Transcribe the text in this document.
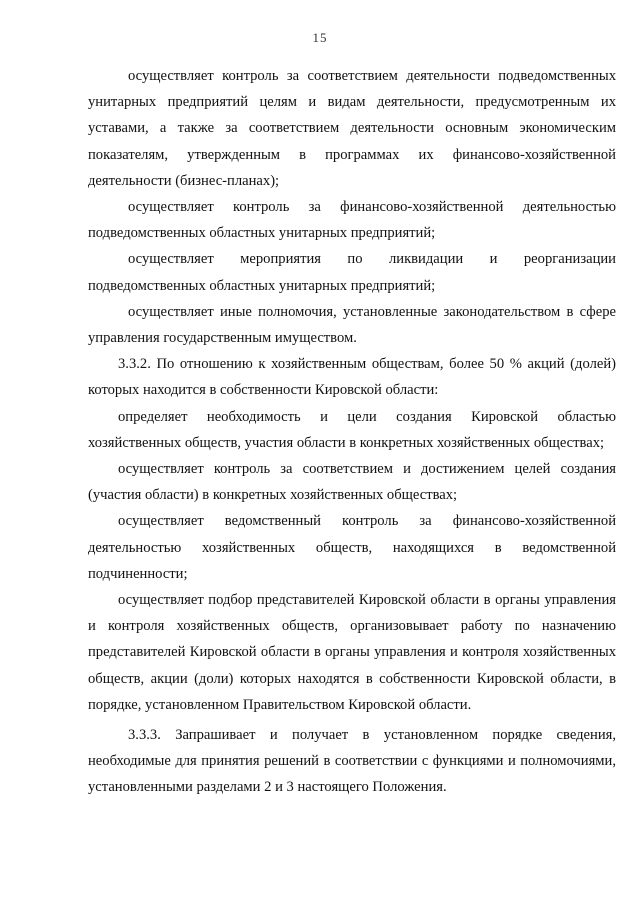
15

осуществляет контроль за соответствием деятельности подведомственных унитарных предприятий целям и видам деятельности, предусмотренным их уставами, а также за соответствием деятельности основным экономическим показателям, утвержденным в программах их финансово-хозяйственной деятельности (бизнес-планах);

осуществляет контроль за финансово-хозяйственной деятельностью подведомственных областных унитарных предприятий;

осуществляет мероприятия по ликвидации и реорганизации подведомственных областных унитарных предприятий;

осуществляет иные полномочия, установленные законодательством в сфере управления государственным имуществом.

3.3.2. По отношению к хозяйственным обществам, более 50 % акций (долей) которых находится в собственности Кировской области:

определяет необходимость и цели создания Кировской областью хозяйственных обществ, участия области в конкретных хозяйственных обществах;

осуществляет контроль за соответствием и достижением целей создания (участия области) в конкретных хозяйственных обществах;

осуществляет ведомственный контроль за финансово-хозяйственной деятельностью хозяйственных обществ, находящихся в ведомственной подчиненности;

осуществляет подбор представителей Кировской области в органы управления и контроля хозяйственных обществ, организовывает работу по назначению представителей Кировской области в органы управления и контроля хозяйственных обществ, акции (доли) которых находятся в собственности Кировской области, в порядке, установленном Правительством Кировской области.

3.3.3. Запрашивает и получает в установленном порядке сведения, необходимые для принятия решений в соответствии с функциями и полномочиями, установленными разделами 2 и 3 настоящего Положения.
